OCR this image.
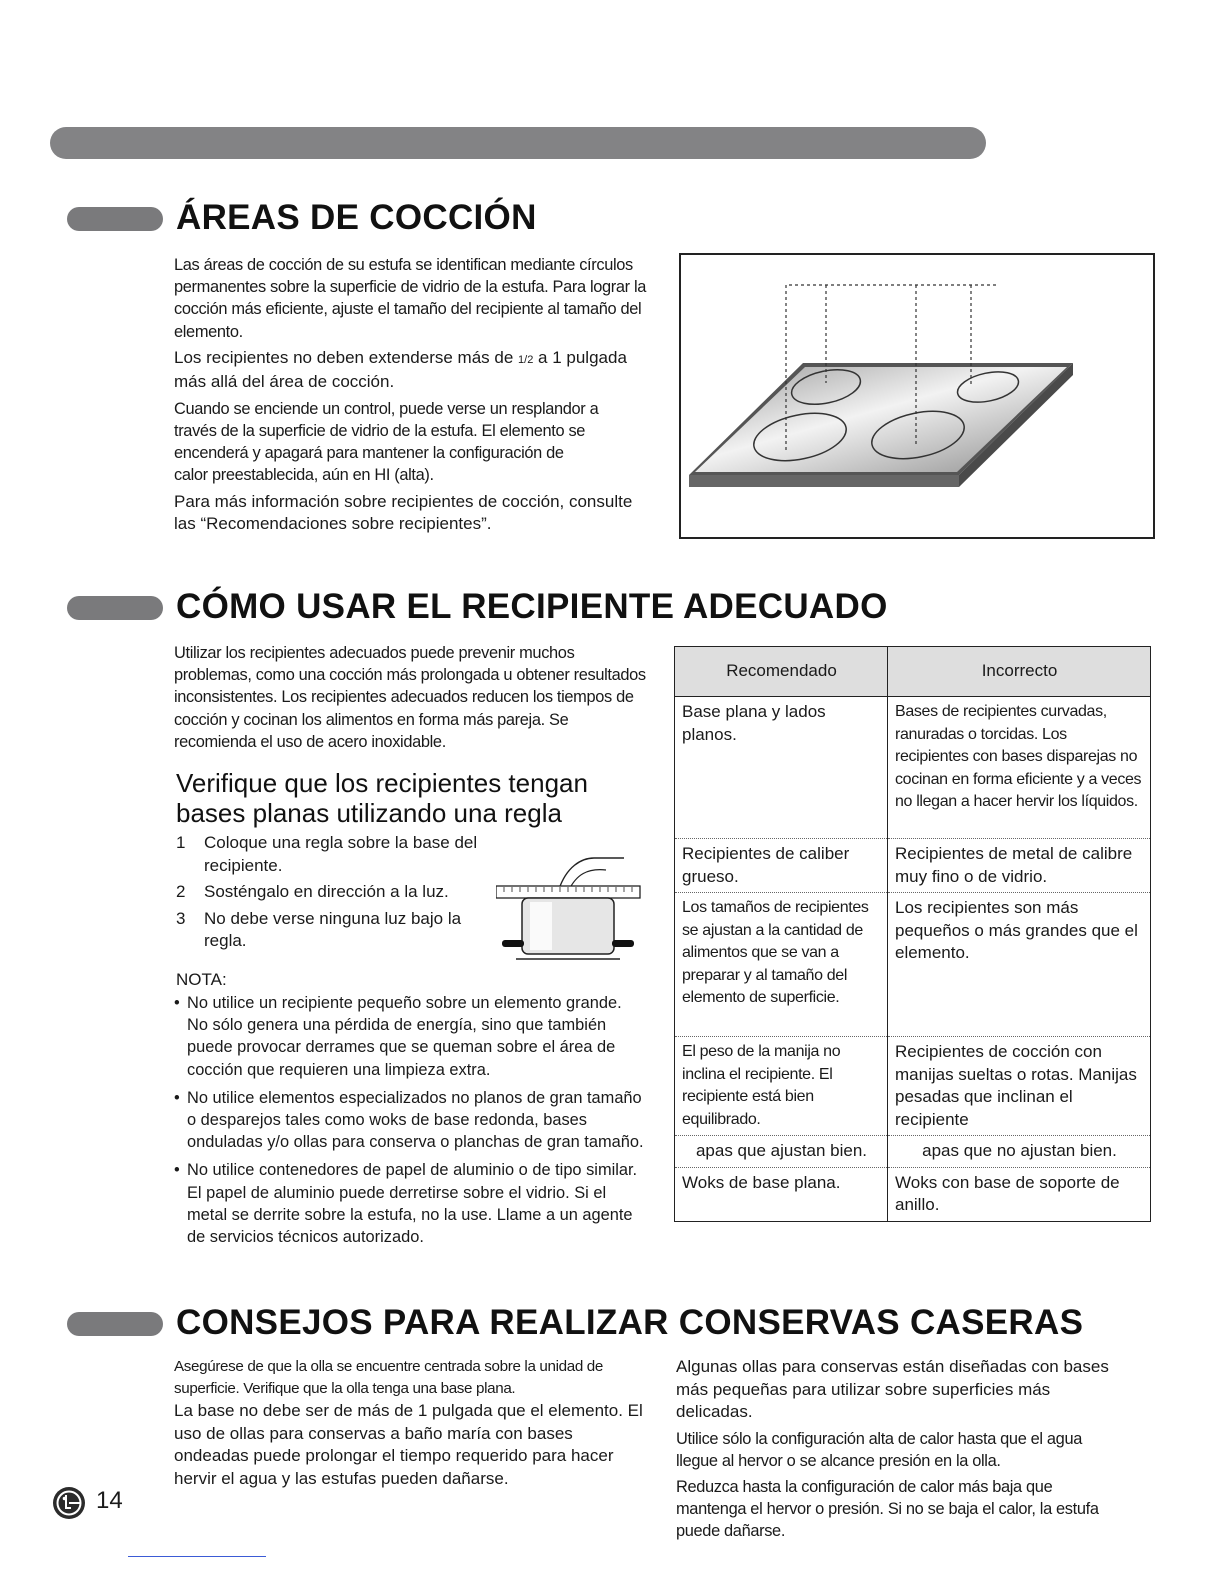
ÁREAS DE COCCIÓN

Las áreas de cocción de su estufa se identifican mediante círculos permanentes sobre la superficie de vidrio de la estufa. Para lograr la cocción más eficiente, ajuste el tamaño del recipiente al tamaño del elemento.

Los recipientes no deben extenderse más de 1/2 a 1 pulgada más allá del área de cocción.

Cuando se enciende un control, puede verse un resplandor a través de la superficie de vidrio de la estufa. El elemento se encenderá y apagará para mantener la configuración de calor preestablecida, aún en HI (alta).

Para más información sobre recipientes de cocción, consulte las “Recomendaciones sobre recipientes”.

CÓMO USAR EL RECIPIENTE ADECUADO
Utilizar los recipientes adecuados puede prevenir muchos problemas, como una cocción más prolongada u obtener resultados inconsistentes. Los recipientes adecuados reducen los tiempos de cocción y cocinan los alimentos en forma más pareja. Se recomienda el uso de acero inoxidable.
Verifique que los recipientes tengan bases planas utilizando una regla
1	Coloque una regla sobre la base del recipiente.
2	Sosténgalo en dirección a la luz.
3	No debe verse ninguna luz bajo la regla.
NOTA:
• No utilice un recipiente pequeño sobre un elemento grande. No sólo genera una pérdida de energía, sino que también puede provocar derrames que se queman sobre el área de cocción que requieren una limpieza extra.
• No utilice elementos especializados no planos de gran tamaño o desparejos tales como woks de base redonda, bases onduladas y/o ollas para conserva o planchas de gran tamaño.
• No utilice contenedores de papel de aluminio o de tipo similar. El papel de aluminio puede derretirse sobre el vidrio. Si el metal se derrite sobre la estufa, no la use. Llame a un agente de servicios técnicos autorizado.
Recomendado	Incorrecto
Base plana y lados planos.	Bases de recipientes curvadas, ranuradas o torcidas. Los recipientes con bases disparejas no cocinan en forma eficiente y a veces no llegan a hacer hervir los líquidos.
Recipientes de caliber grueso.	Recipientes de metal de calibre muy fino o de vidrio.
Los tamaños de recipientes se ajustan a la cantidad de alimentos que se van a preparar y al tamaño del elemento de superficie.	Los recipientes son más pequeños o más grandes que el elemento.
El peso de la manija no inclina el recipiente. El recipiente está bien equilibrado.	Recipientes de cocción con manijas sueltas o rotas. Manijas pesadas que inclinan el recipiente
apas que ajustan bien.	apas que no ajustan bien.
Woks de base plana.	Woks con base de soporte de anillo.
CONSEJOS PARA REALIZAR CONSERVAS CASERAS

Asegúrese de que la olla se encuentre centrada sobre la unidad de superficie. Verifique que la olla tenga una base plana.

La base no debe ser de más de 1 pulgada que el elemento. El uso de ollas para conservas a baño maría con bases ondeadas puede prolongar el tiempo requerido para hacer hervir el agua y las estufas pueden dañarse.

Algunas ollas para conservas están diseñadas con bases más pequeñas para utilizar sobre superficies más delicadas.

Utilice sólo la configuración alta de calor hasta que el agua llegue al hervor o se alcance presión en la olla.

Reduzca hasta la configuración de calor más baja que mantenga el hervor o presión. Si no se baja el calor, la estufa puede dañarse.

14
